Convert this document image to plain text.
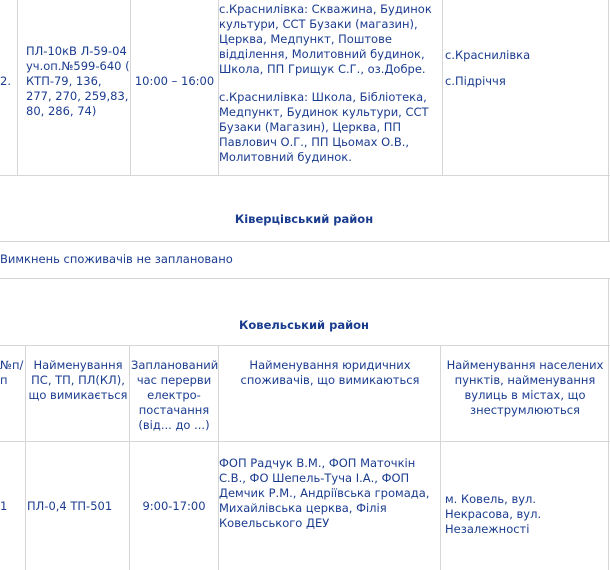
2.
ПЛ-10кВ Л-59-04 уч.оп.№599-640 ( КТП-79, 136, 277, 270, 259,83, 80, 286, 74)
10:00 – 16:00

с.Краснилівка: Скважина, Будинок культури, ССТ Бузаки (магазин), Церква, Медпункт, Поштове відділення, Молитовний будинок, Школа, ПП Грищук С.Г., оз.Добре.

с.Краснилівка: Школа, Бібліотека, Медпункт, Будинок культури, ССТ Бузаки (Магазин), Церква, ПП Павлович О.Г., ПП Цьомах О.В., Молитовний будинок.

с.Краснилівка
с.Підріччя
Ківерцівський район
Вимкнень споживачів не заплановано
Ковельський район
№п/п
Найменування ПС, ТП, ПЛ(КЛ), що вимикається
Запланований час перерви електро-постачання (від... до ...)
Найменування юридичних споживачів, що вимикаються
Найменування населених пунктів, найменування вулиць в містах, що знеструмлюються
1	ПЛ-0,4 ТП-501	9:00-17:00
ФОП Радчук В.М., ФОП Маточкін С.В., ФО Шепель-Туча І.А., ФОП Демчик Р.М., Андріївська громада, Михайлівська церква, Філія Ковельського ДЕУ
м. Ковель, вул. Некрасова, вул. Незалежності
